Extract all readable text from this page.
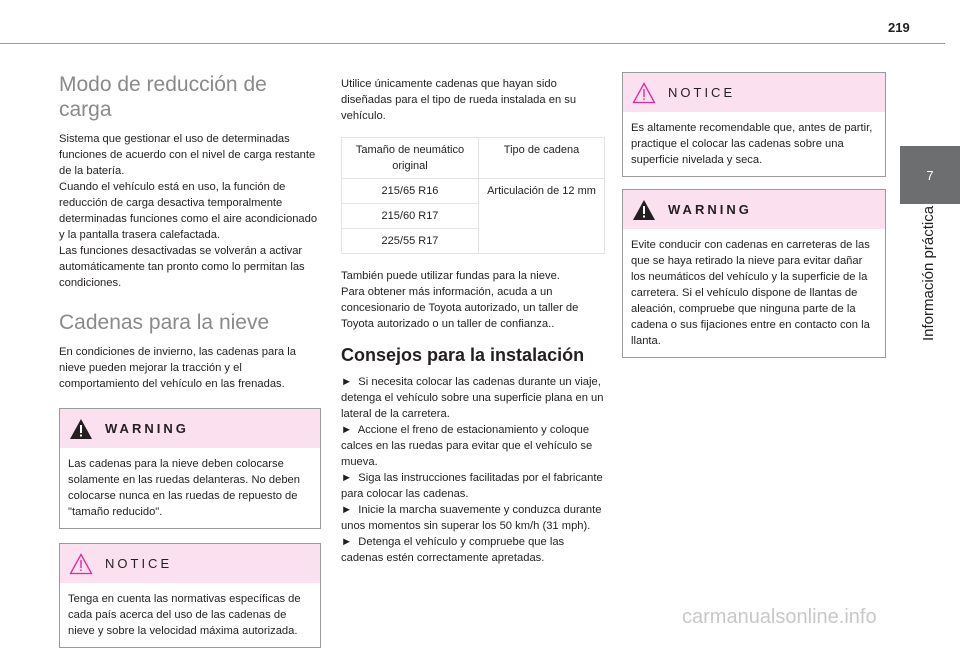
219
7
Información práctica
Modo de reducción de carga

Sistema que gestionar el uso de determinadas funciones de acuerdo con el nivel de carga restante de la batería.
Cuando el vehículo está en uso, la función de reducción de carga desactiva temporalmente determinadas funciones como el aire acondicionado y la pantalla trasera calefactada.
Las funciones desactivadas se volverán a activar automáticamente tan pronto como lo permitan las condiciones.

Cadenas para la nieve

En condiciones de invierno, las cadenas para la nieve pueden mejorar la tracción y el comportamiento del vehículo en las frenadas.

WARNING
Las cadenas para la nieve deben colocarse solamente en las ruedas delanteras. No deben colocarse nunca en las ruedas de repuesto de "tamaño reducido".
NOTICE
Tenga en cuenta las normativas específicas de cada país acerca del uso de las cadenas de nieve y sobre la velocidad máxima autorizada.

Utilice únicamente cadenas que hayan sido diseñadas para el tipo de rueda instalada en su vehículo.

Tamaño de neumático original	Tipo de cadena
215/65 R16	Articulación de 12 mm
215/60 R17	
225/55 R17	

También puede utilizar fundas para la nieve.
Para obtener más información, acuda a un concesionario de Toyota autorizado, un taller de Toyota autorizado o un taller de confianza..

Consejos para la instalación

► Si necesita colocar las cadenas durante un viaje, detenga el vehículo sobre una superficie plana en un lateral de la carretera.

► Accione el freno de estacionamiento y coloque calces en las ruedas para evitar que el vehículo se mueva.

► Siga las instrucciones facilitadas por el fabricante para colocar las cadenas.

► Inicie la marcha suavemente y conduzca durante unos momentos sin superar los 50 km/h (31 mph).

► Detenga el vehículo y compruebe que las cadenas estén correctamente apretadas.

NOTICE
Es altamente recomendable que, antes de partir, practique el colocar las cadenas sobre una superficie nivelada y seca.
WARNING
Evite conducir con cadenas en carreteras de las que se haya retirado la nieve para evitar dañar los neumáticos del vehículo y la superficie de la carretera. Si el vehículo dispone de llantas de aleación, compruebe que ninguna parte de la cadena o sus fijaciones entre en contacto con la llanta.
carmanualsonline.info
